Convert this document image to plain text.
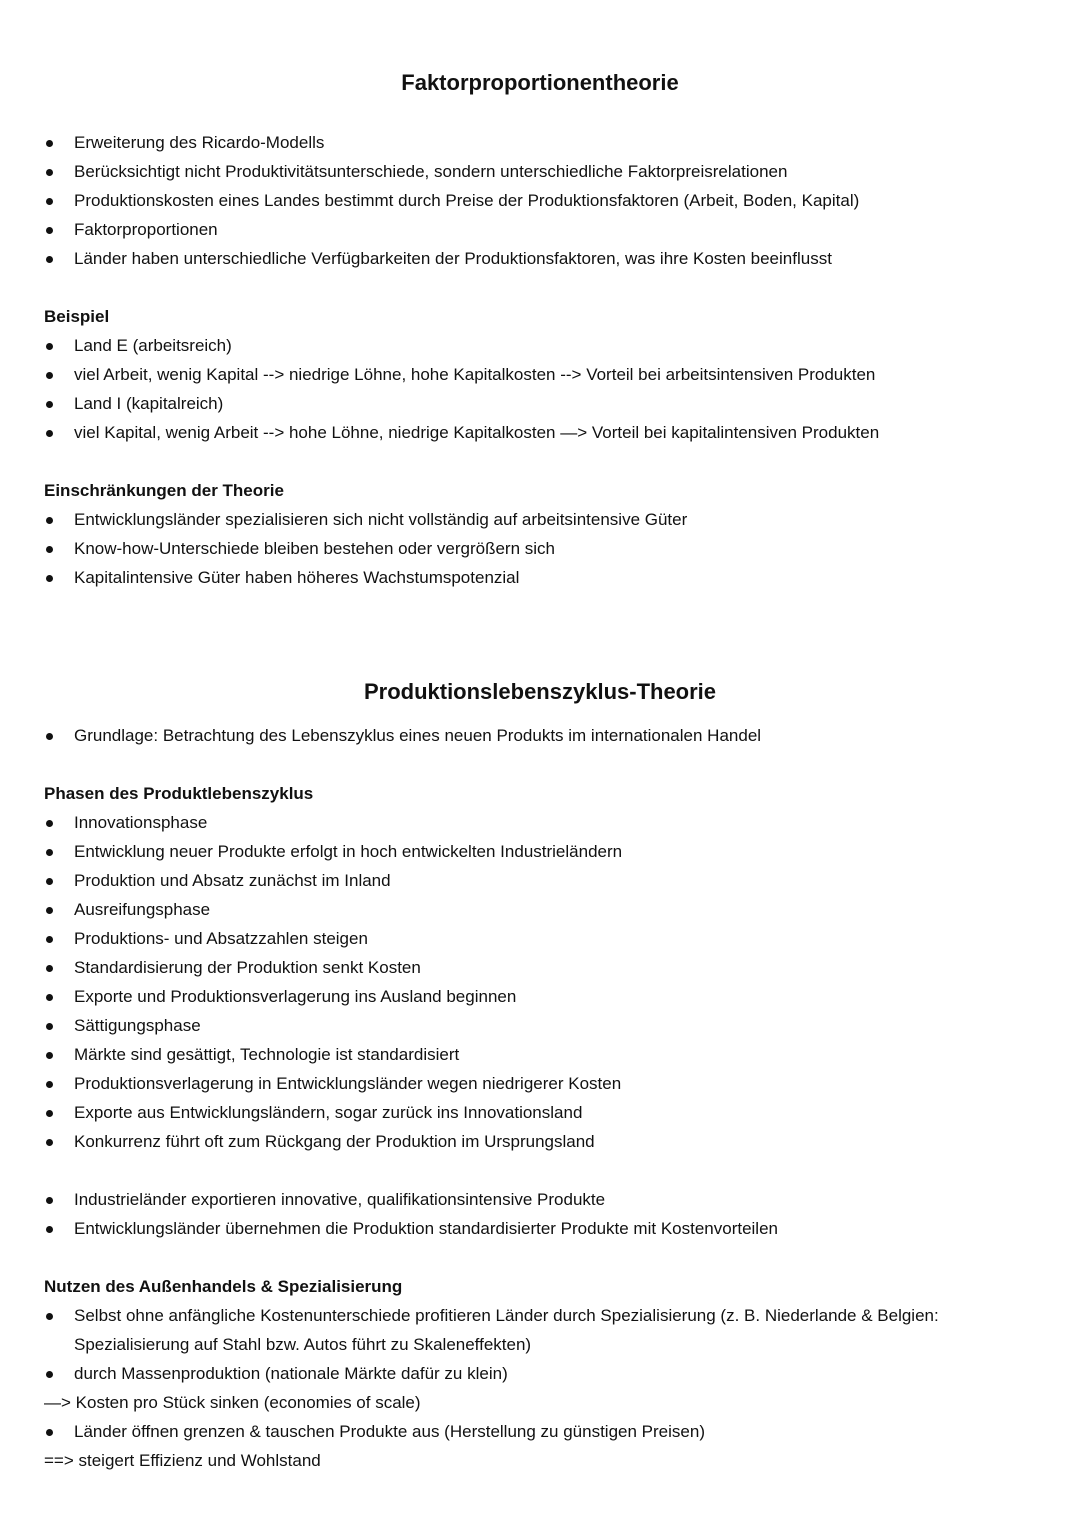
Faktorproportionentheorie
Erweiterung des Ricardo-Modells
Berücksichtigt nicht Produktivitätsunterschiede, sondern unterschiedliche Faktorpreisrelationen
Produktionskosten eines Landes bestimmt durch Preise der Produktionsfaktoren (Arbeit, Boden, Kapital)
Faktorproportionen
Länder haben unterschiedliche Verfügbarkeiten der Produktionsfaktoren, was ihre Kosten beeinflusst
Beispiel
Land E (arbeitsreich)
viel Arbeit, wenig Kapital --> niedrige Löhne, hohe Kapitalkosten --> Vorteil bei arbeitsintensiven Produkten
Land I (kapitalreich)
viel Kapital, wenig Arbeit --> hohe Löhne, niedrige Kapitalkosten —> Vorteil bei kapitalintensiven Produkten
Einschränkungen der Theorie
Entwicklungsländer spezialisieren sich nicht vollständig auf arbeitsintensive Güter
Know-how-Unterschiede bleiben bestehen oder vergrößern sich
Kapitalintensive Güter haben höheres Wachstumspotenzial
Produktionslebenszyklus-Theorie
Grundlage: Betrachtung des Lebenszyklus eines neuen Produkts im internationalen Handel
Phasen des Produktlebenszyklus
Innovationsphase
Entwicklung neuer Produkte erfolgt in hoch entwickelten Industrieländern
Produktion und Absatz zunächst im Inland
Ausreifungsphase
Produktions- und Absatzzahlen steigen
Standardisierung der Produktion senkt Kosten
Exporte und Produktionsverlagerung ins Ausland beginnen
Sättigungsphase
Märkte sind gesättigt, Technologie ist standardisiert
Produktionsverlagerung in Entwicklungsländer wegen niedrigerer Kosten
Exporte aus Entwicklungsländern, sogar zurück ins Innovationsland
Konkurrenz führt oft zum Rückgang der Produktion im Ursprungsland
Industrieländer exportieren innovative, qualifikationsintensive Produkte
Entwicklungsländer übernehmen die Produktion standardisierter Produkte mit Kostenvorteilen
Nutzen des Außenhandels & Spezialisierung
Selbst ohne anfängliche Kostenunterschiede profitieren Länder durch Spezialisierung (z. B. Niederlande & Belgien:
Spezialisierung auf Stahl bzw. Autos führt zu Skaleneffekten)
durch Massenproduktion (nationale Märkte dafür zu klein)
—> Kosten pro Stück sinken (economies of scale)
Länder öffnen grenzen & tauschen Produkte aus (Herstellung zu günstigen Preisen)
==> steigert Effizienz und Wohlstand
